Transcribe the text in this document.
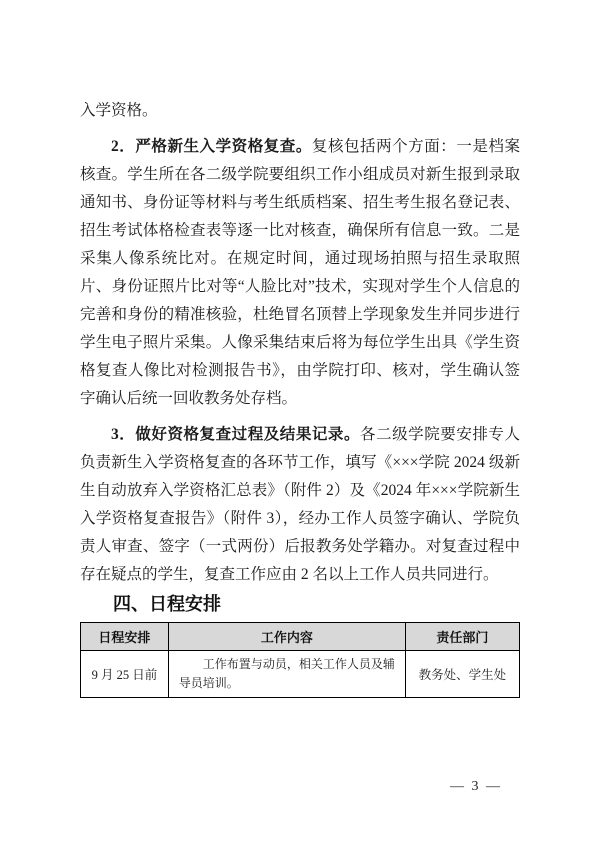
入学资格。

2．严格新生入学资格复查。复核包括两个方面：一是档案核查。学生所在各二级学院要组织工作小组成员对新生报到录取通知书、身份证等材料与考生纸质档案、招生考生报名登记表、招生考试体格检查表等逐一比对核查，确保所有信息一致。二是采集人像系统比对。在规定时间，通过现场拍照与招生录取照片、身份证照片比对等“人脸比对”技术，实现对学生个人信息的完善和身份的精准核验，杜绝冒名顶替上学现象发生并同步进行学生电子照片采集。人像采集结束后将为每位学生出具《学生资格复查人像比对检测报告书》，由学院打印、核对，学生确认签字确认后统一回收教务处存档。

3．做好资格复查过程及结果记录。各二级学院要安排专人负责新生入学资格复查的各环节工作，填写《×××学院 2024 级新生自动放弃入学资格汇总表》（附件 2）及《2024 年×××学院新生入学资格复查报告》（附件 3），经办工作人员签字确认、学院负责人审查、签字（一式两份）后报教务处学籍办。对复查过程中存在疑点的学生，复查工作应由 2 名以上工作人员共同进行。

四、日程安排
日程安排	工作内容	责任部门
9 月 25 日前	工作布置与动员，相关工作人员及辅导员培训。	教务处、学生处
— 3 —
